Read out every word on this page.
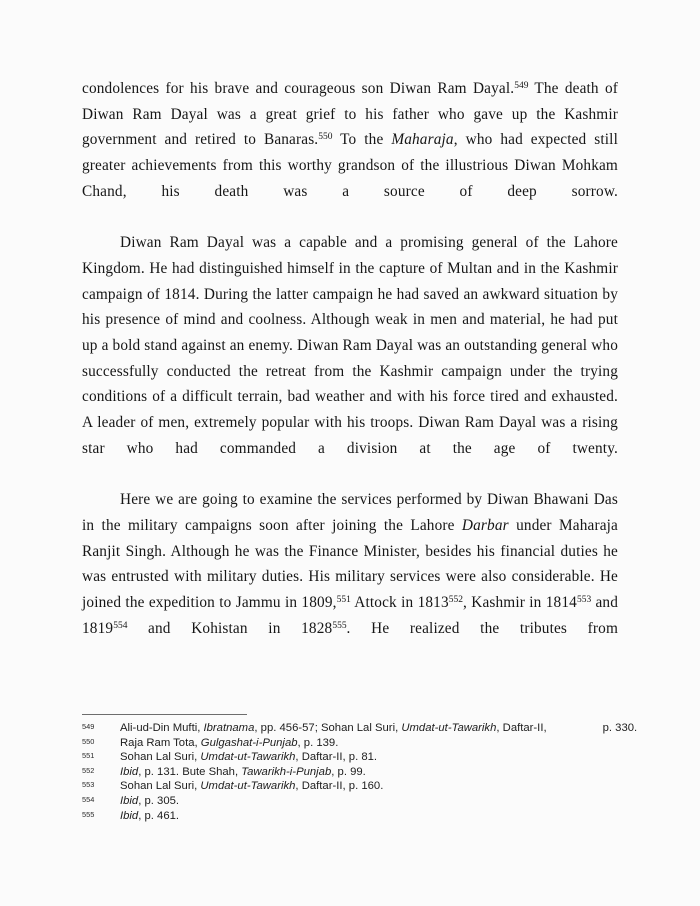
condolences for his brave and courageous son Diwan Ram Dayal.$^{549}$ The death of Diwan Ram Dayal was a great grief to his father who gave up the Kashmir government and retired to Banaras.$^{550}$ To the Maharaja, who had expected still greater achievements from this worthy grandson of the illustrious Diwan Mohkam Chand, his death was a source of deep sorrow.

Diwan Ram Dayal was a capable and a promising general of the Lahore Kingdom. He had distinguished himself in the capture of Multan and in the Kashmir campaign of 1814. During the latter campaign he had saved an awkward situation by his presence of mind and coolness. Although weak in men and material, he had put up a bold stand against an enemy. Diwan Ram Dayal was an outstanding general who successfully conducted the retreat from the Kashmir campaign under the trying conditions of a difficult terrain, bad weather and with his force tired and exhausted. A leader of men, extremely popular with his troops. Diwan Ram Dayal was a rising star who had commanded a division at the age of twenty.

Here we are going to examine the services performed by Diwan Bhawani Das in the military campaigns soon after joining the Lahore Darbar under Maharaja Ranjit Singh. Although he was the Finance Minister, besides his financial duties he was entrusted with military duties. His military services were also considerable. He joined the expedition to Jammu in 1809,$^{551}$ Attock in 1813$^{552}$, Kashmir in 1814$^{553}$ and 1819$^{554}$ and Kohistan in 1828$^{555}$. He realized the tributes from

549 Ali-ud-Din Mufti, Ibratnama, pp. 456-57; Sohan Lal Suri, Umdat-ut-Tawarikh, Daftar-II,	p. 330.
550 Raja Ram Tota, Gulgashat-i-Punjab, p. 139.
551 Sohan Lal Suri, Umdat-ut-Tawarikh, Daftar-II, p. 81.
552 Ibid, p. 131. Bute Shah, Tawarikh-i-Punjab, p. 99.
553 Sohan Lal Suri, Umdat-ut-Tawarikh, Daftar-II, p. 160.
554 Ibid, p. 305.
555 Ibid, p. 461.
